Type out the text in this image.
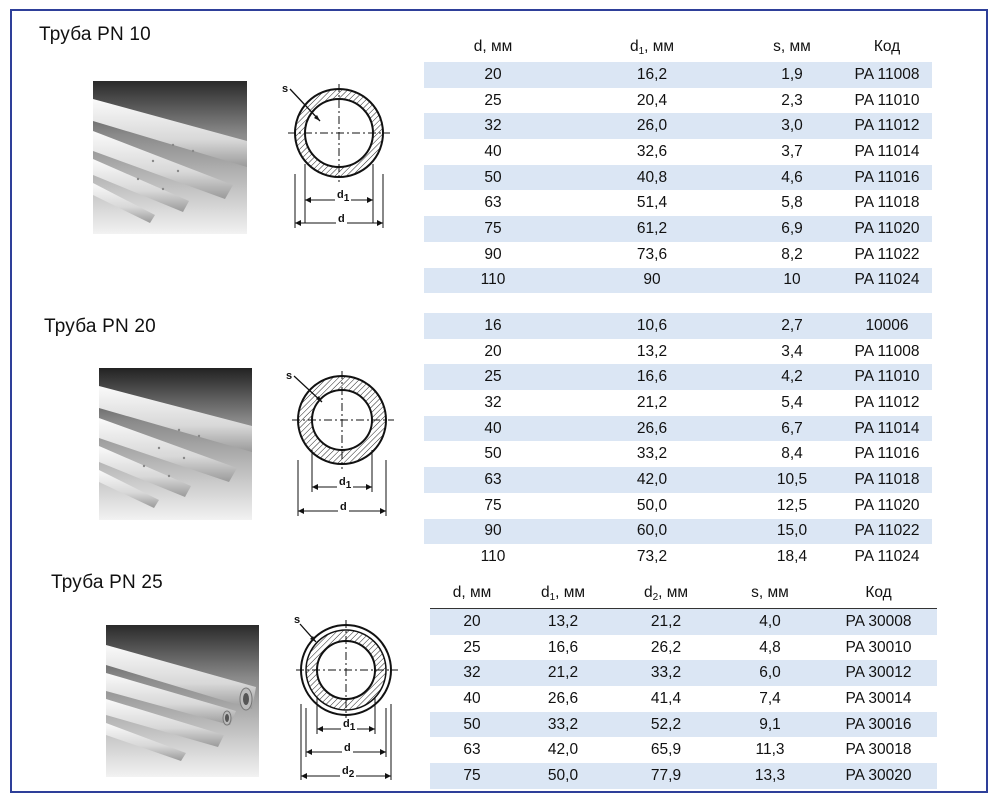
Труба PN 10
s
d1
d
d, мм	$d_1$, мм	s, мм	Код
20	16,2	1,9	PA 11008
25	20,4	2,3	PA 11010
32	26,0	3,0	PA 11012
40	32,6	3,7	PA 11014
50	40,8	4,6	PA 11016
63	51,4	5,8	PA 11018
75	61,2	6,9	PA 11020
90	73,6	8,2	PA 11022
110	90	10	PA 11024
Труба PN 20
s
d1
d
16	10,6	2,7	10006
20	13,2	3,4	PA 11008
25	16,6	4,2	PA 11010
32	21,2	5,4	PA 11012
40	26,6	6,7	PA 11014
50	33,2	8,4	PA 11016
63	42,0	10,5	PA 11018
75	50,0	12,5	PA 11020
90	60,0	15,0	PA 11022
110	73,2	18,4	PA 11024
Труба PN 25
s
d1
d
d2
d, мм	$d_1$, мм	$d_2$, мм	s, мм	Код
20	13,2	21,2	4,0	PA 30008
25	16,6	26,2	4,8	PA 30010
32	21,2	33,2	6,0	PA 30012
40	26,6	41,4	7,4	PA 30014
50	33,2	52,2	9,1	PA 30016
63	42,0	65,9	11,3	PA 30018
75	50,0	77,9	13,3	PA 30020
